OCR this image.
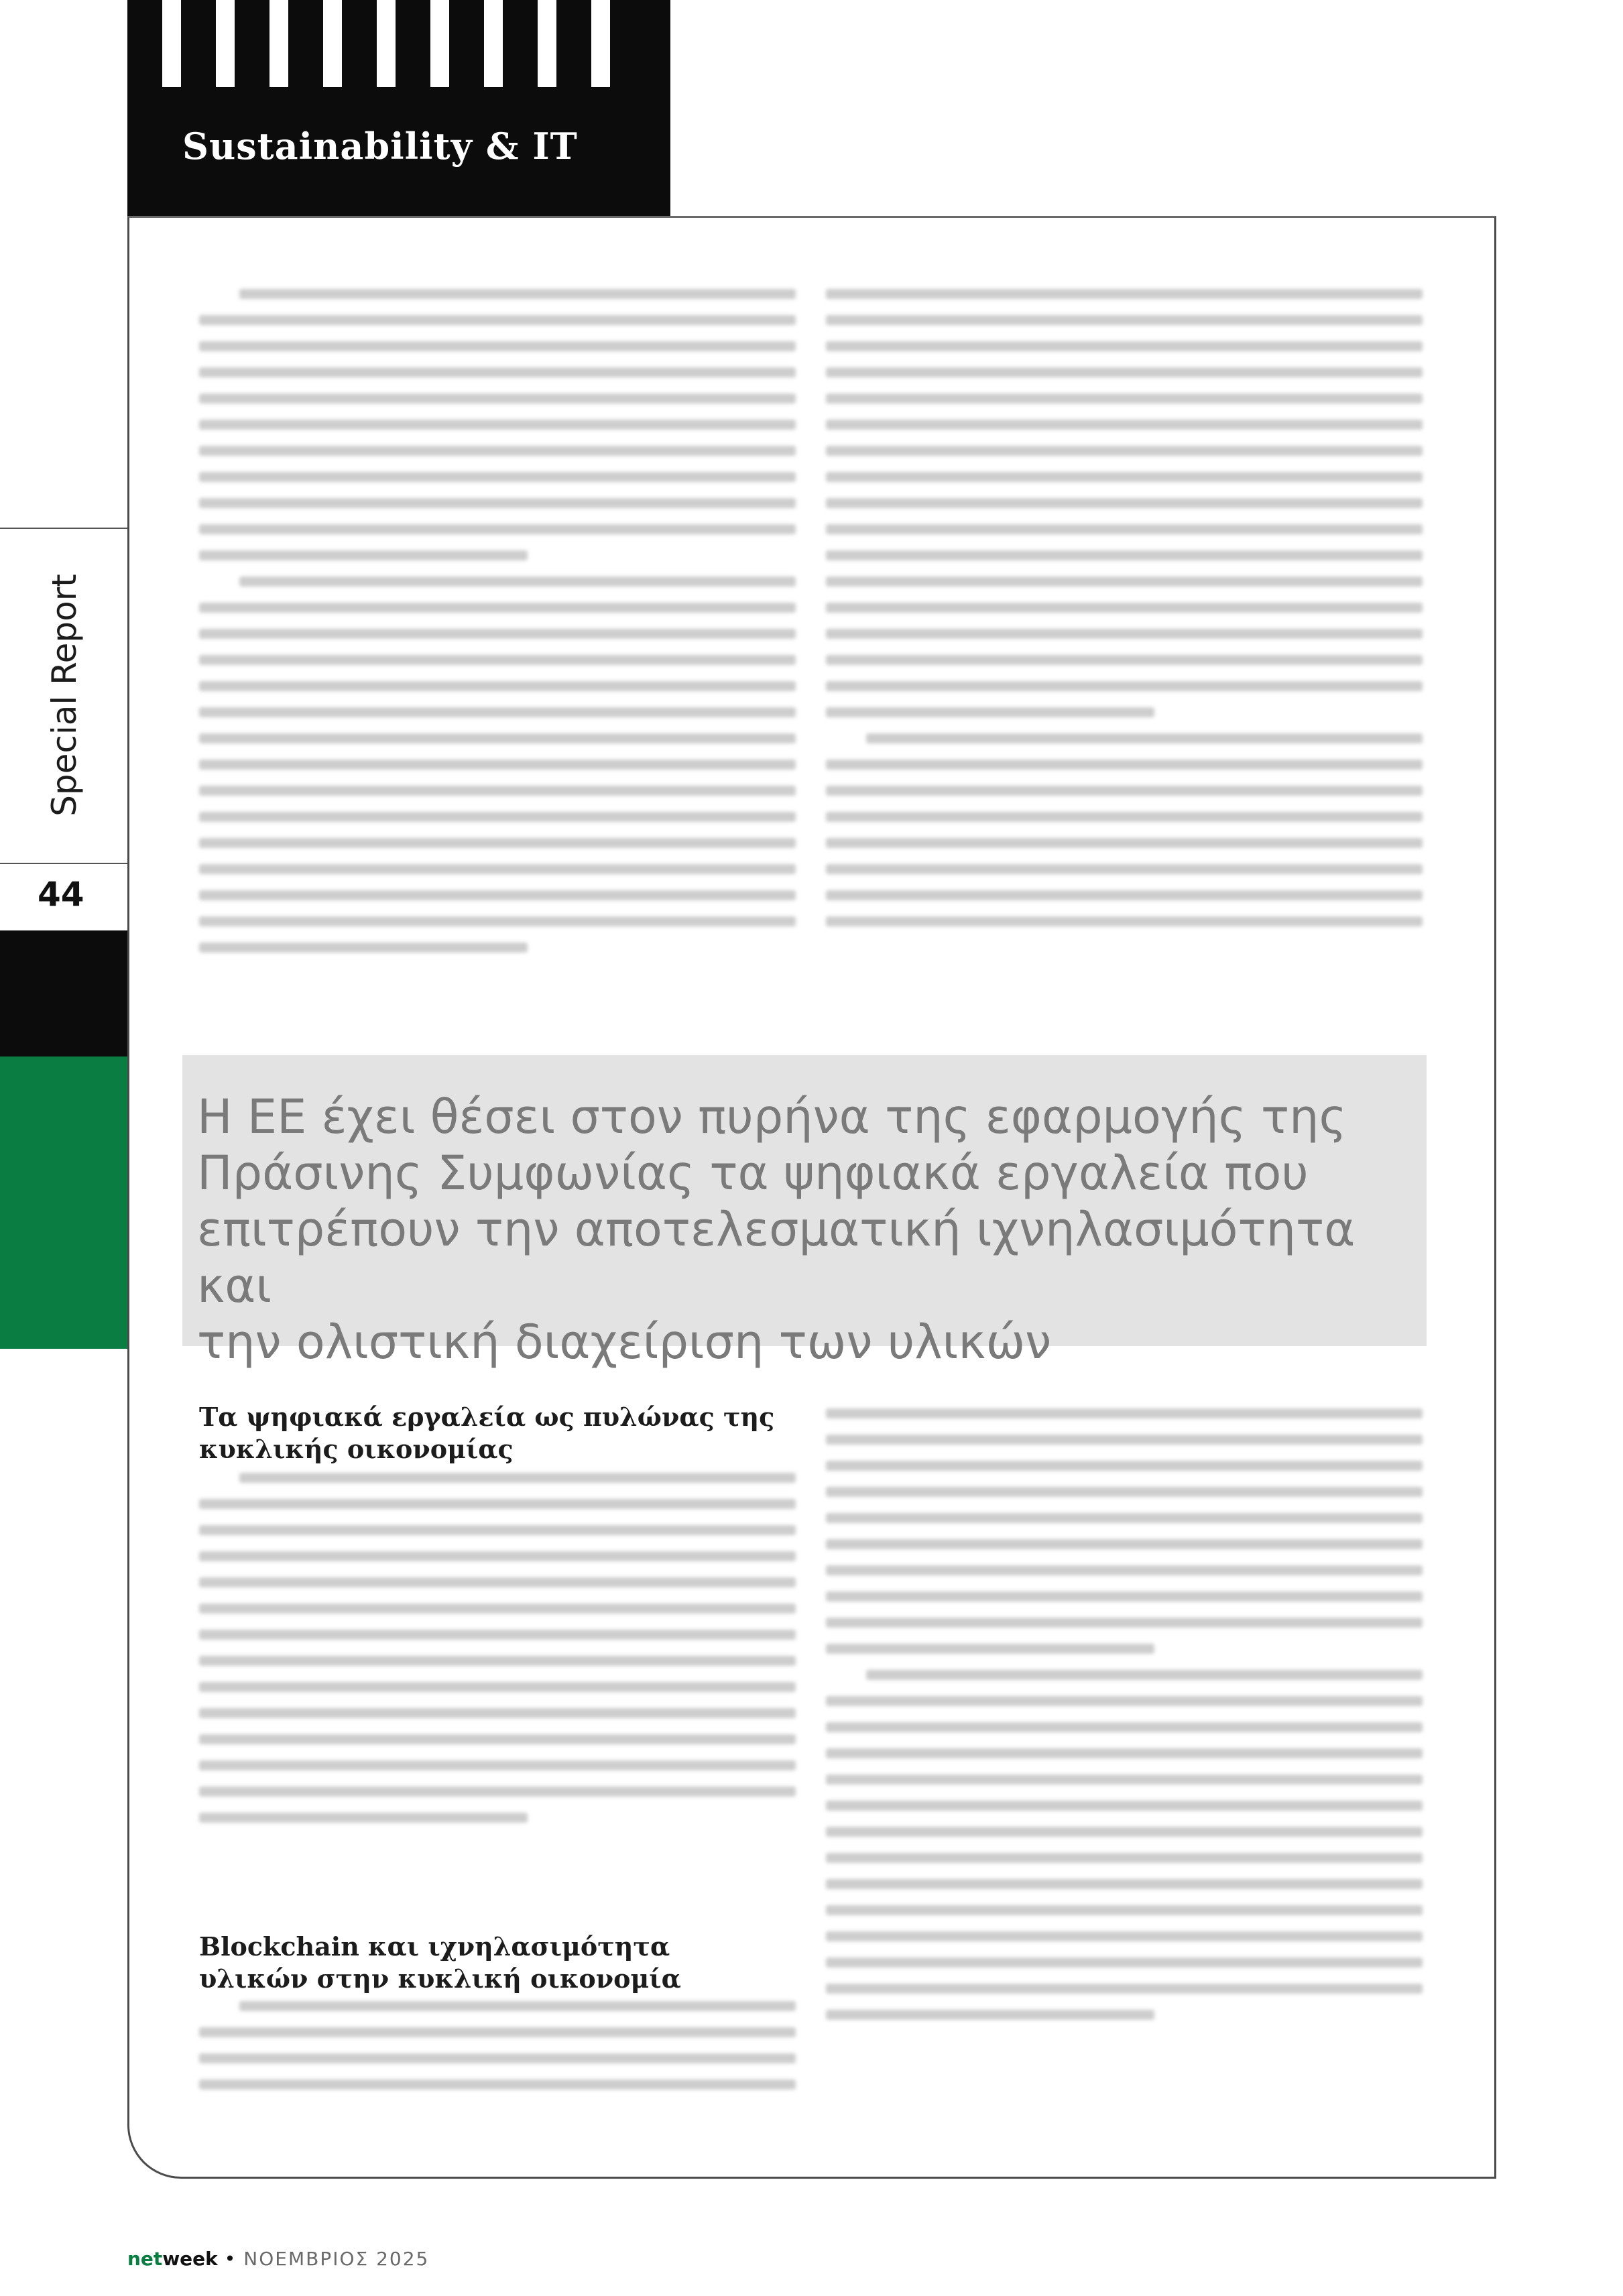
Sustainability & IT
Special Report
44

Η ΕΕ έχει θέσει στον πυρήνα της εφαρμογής της
Πράσινης Συμφωνίας τα ψηφιακά εργαλεία που
επιτρέπουν την αποτελεσματική ιχνηλασιμότητα και
την ολιστική διαχείριση των υλικών

Τα ψηφιακά εργαλεία ως πυλώνας της κυκλικής οικονομίας

Blockchain και ιχνηλασιμότητα υλικών στην κυκλική οικονομία

netweek • ΝΟΕΜΒΡΙΟΣ 2025
